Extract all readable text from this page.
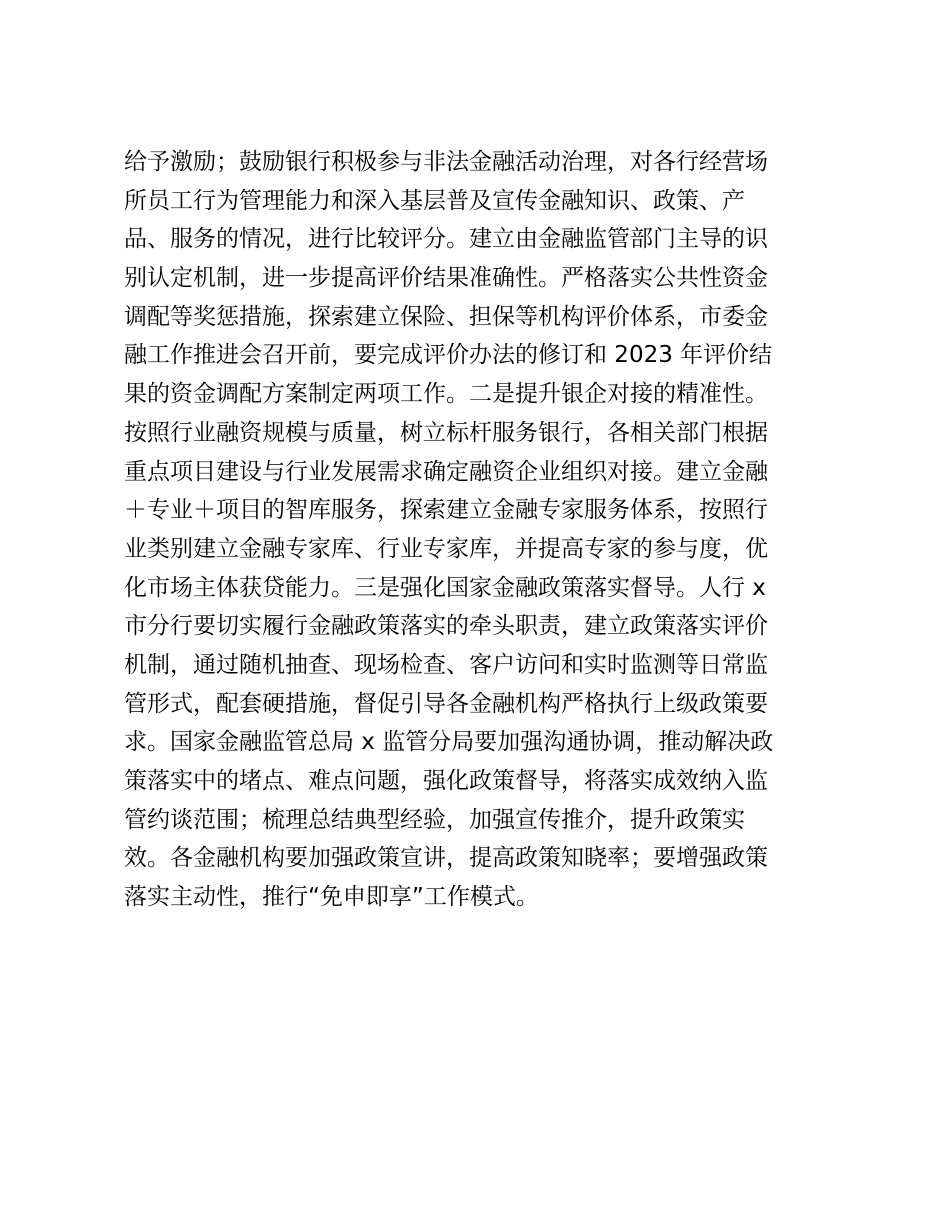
给予激励；鼓励银行积极参与非法金融活动治理，对各行经营场
所员工行为管理能力和深入基层普及宣传金融知识、政策、产
品、服务的情况，进行比较评分。建立由金融监管部门主导的识
别认定机制，进一步提高评价结果准确性。严格落实公共性资金
调配等奖惩措施，探索建立保险、担保等机构评价体系，市委金
融工作推进会召开前，要完成评价办法的修订和 2023 年评价结
果的资金调配方案制定两项工作。二是提升银企对接的精准性。
按照行业融资规模与质量，树立标杆服务银行，各相关部门根据
重点项目建设与行业发展需求确定融资企业组织对接。建立金融
＋专业＋项目的智库服务，探索建立金融专家服务体系，按照行
业类别建立金融专家库、行业专家库，并提高专家的参与度，优
化市场主体获贷能力。三是强化国家金融政策落实督导。人行 x
市分行要切实履行金融政策落实的牵头职责，建立政策落实评价
机制，通过随机抽查、现场检查、客户访问和实时监测等日常监
管形式，配套硬措施，督促引导各金融机构严格执行上级政策要
求。国家金融监管总局 x 监管分局要加强沟通协调，推动解决政
策落实中的堵点、难点问题，强化政策督导，将落实成效纳入监
管约谈范围；梳理总结典型经验，加强宣传推介，提升政策实
效。各金融机构要加强政策宣讲，提高政策知晓率；要增强政策
落实主动性，推行“免申即享”工作模式。
